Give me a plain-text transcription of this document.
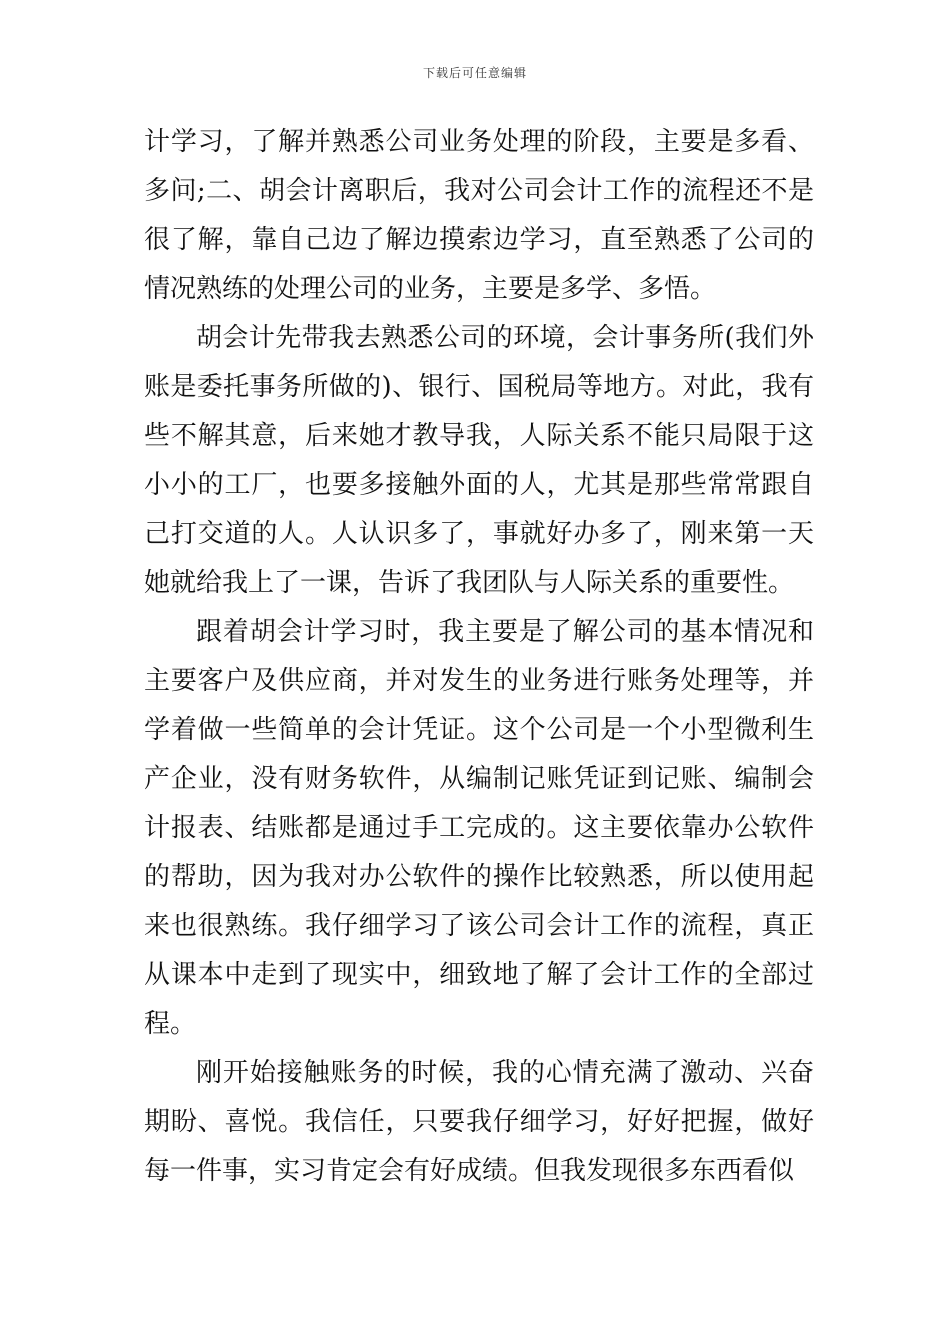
下载后可任意编辑

计学习，了解并熟悉公司业务处理的阶段，主要是多看、多问;二、胡会计离职后，我对公司会计工作的流程还不是很了解，靠自己边了解边摸索边学习，直至熟悉了公司的情况熟练的处理公司的业务，主要是多学、多悟。

胡会计先带我去熟悉公司的环境，会计事务所(我们外账是委托事务所做的)、银行、国税局等地方。对此，我有些不解其意，后来她才教导我，人际关系不能只局限于这小小的工厂，也要多接触外面的人，尤其是那些常常跟自己打交道的人。人认识多了，事就好办多了，刚来第一天她就给我上了一课，告诉了我团队与人际关系的重要性。

跟着胡会计学习时，我主要是了解公司的基本情况和主要客户及供应商，并对发生的业务进行账务处理等，并学着做一些简单的会计凭证。这个公司是一个小型微利生产企业，没有财务软件，从编制记账凭证到记账、编制会计报表、结账都是通过手工完成的。这主要依靠办公软件的帮助，因为我对办公软件的操作比较熟悉，所以使用起来也很熟练。我仔细学习了该公司会计工作的流程，真正从课本中走到了现实中，细致地了解了会计工作的全部过程。

刚开始接触账务的时候，我的心情充满了激动、兴奋期盼、喜悦。我信任，只要我仔细学习，好好把握，做好每一件事，实习肯定会有好成绩。但我发现很多东西看似
